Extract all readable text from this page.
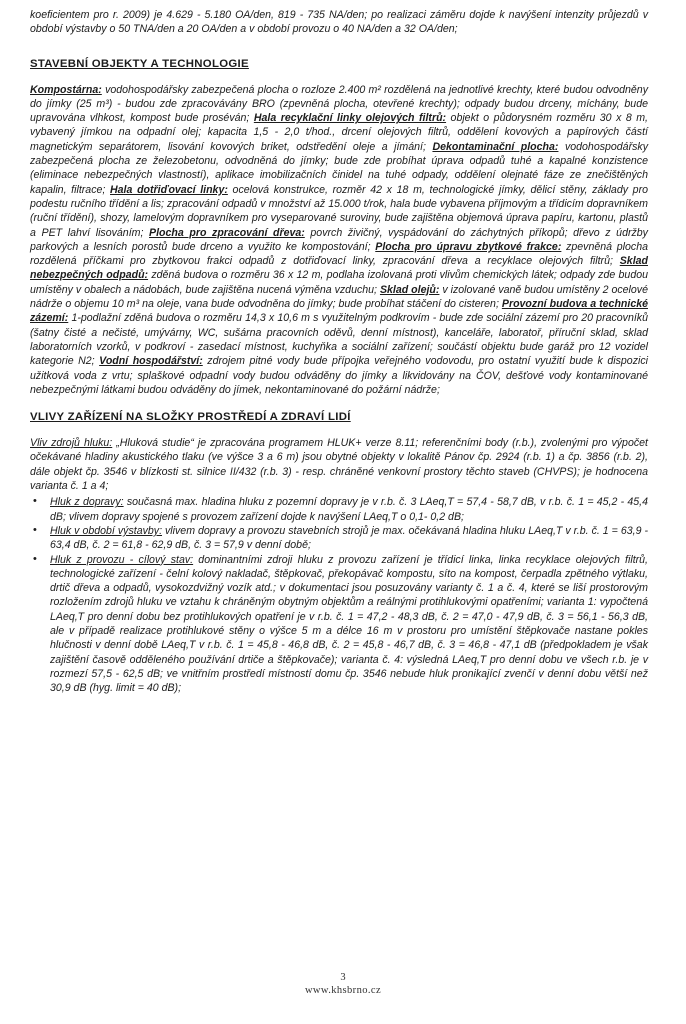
koeficientem pro r. 2009) je 4.629 - 5.180 OA/den, 819 - 735 NA/den; po realizaci záměru dojde k navýšení intenzity průjezdů v období výstavby o 50 TNA/den a 20 OA/den a v období provozu o 40 NA/den a 32 OA/den;

STAVEBNÍ OBJEKTY A TECHNOLOGIE

Kompostárna: vodohospodářsky zabezpečená plocha o rozloze 2.400 m² rozdělená na jednotlivé krechty, které budou odvodněny do jímky (25 m³) - budou zde zpracovávány BRO (zpevněná plocha, otevřené krechty); odpady budou drceny, míchány, bude upravována vlhkost, kompost bude proséván; Hala recyklační linky olejových filtrů: objekt o půdorysném rozměru 30 x 8 m, vybavený jímkou na odpadní olej; kapacita 1,5 - 2,0 t/hod., drcení olejových filtrů, oddělení kovových a papírových částí magnetickým separátorem, lisování kovových briket, odstředění oleje a jímání; Dekontaminační plocha: vodohospodářsky zabezpečená plocha ze železobetonu, odvodněná do jímky; bude zde probíhat úprava odpadů tuhé a kapalné konzistence (eliminace nebezpečných vlastností), aplikace imobilizačních činidel na tuhé odpady, oddělení olejnaté fáze ze znečištěných kapalin, filtrace; Hala dotřiďovací linky: ocelová konstrukce, rozměr 42 x 18 m, technologické jímky, dělicí stěny, základy pro podestu ručního třídění a lis; zpracování odpadů v množství až 15.000 t/rok, hala bude vybavena příjmovým a třídicím dopravníkem (ruční třídění), shozy, lamelovým dopravníkem pro vyseparované suroviny, bude zajištěna objemová úprava papíru, kartonu, plastů a PET lahví lisováním; Plocha pro zpracování dřeva: povrch živičný, vyspádování do záchytných příkopů; dřevo z údržby parkových a lesních porostů bude drceno a využito ke kompostování; Plocha pro úpravu zbytkové frakce: zpevněná plocha rozdělená příčkami pro zbytkovou frakci odpadů z dotřiďovací linky, zpracování dřeva a recyklace olejových filtrů; Sklad nebezpečných odpadů: zděná budova o rozměru 36 x 12 m, podlaha izolovaná proti vlivům chemických látek; odpady zde budou umístěny v obalech a nádobách, bude zajištěna nucená výměna vzduchu; Sklad olejů: v izolované vaně budou umístěny 2 ocelové nádrže o objemu 10 m³ na oleje, vana bude odvodněna do jímky; bude probíhat stáčení do cisteren; Provozní budova a technické zázemí: 1-podlažní zděná budova o rozměru 14,3 x 10,6 m s využitelným podkrovím - bude zde sociální zázemí pro 20 pracovníků (šatny čisté a nečisté, umývárny, WC, sušárna pracovních oděvů, denní místnost), kanceláře, laboratoř, příruční sklad, sklad laboratorních vzorků, v podkroví - zasedací místnost, kuchyňka a sociální zařízení; součástí objektu bude garáž pro 12 vozidel kategorie N2; Vodní hospodářství: zdrojem pitné vody bude přípojka veřejného vodovodu, pro ostatní využití bude k dispozici užitková voda z vrtu; splaškové odpadní vody budou odváděny do jímky a likvidovány na ČOV, dešťové vody kontaminované nebezpečnými látkami budou odváděny do jímek, nekontaminované do požární nádrže;

VLIVY ZAŘÍZENÍ NA SLOŽKY PROSTŘEDÍ A ZDRAVÍ LIDÍ

Vliv zdrojů hluku: „Hluková studie“ je zpracována programem HLUK+ verze 8.11; referenčními body (r.b.), zvolenými pro výpočet očekávané hladiny akustického tlaku (ve výšce 3 a 6 m) jsou obytné objekty v lokalitě Pánov čp. 2924 (r.b. 1) a čp. 3856 (r.b. 2), dále objekt čp. 3546 v blízkosti st. silnice II/432 (r.b. 3) - resp. chráněné venkovní prostory těchto staveb (CHVPS); je hodnocena varianta č. 1 a 4;

• Hluk z dopravy: současná max. hladina hluku z pozemní dopravy je v r.b. č. 3 LAeq,T = 57,4 - 58,7 dB, v r.b. č. 1 = 45,2 - 45,4 dB; vlivem dopravy spojené s provozem zařízení dojde k navýšení LAeq,T o 0,1- 0,2 dB;

• Hluk v období výstavby: vlivem dopravy a provozu stavebních strojů je max. očekávaná hladina hluku LAeq,T v r.b. č. 1 = 63,9 - 63,4 dB, č. 2 = 61,8 - 62,9 dB, č. 3 = 57,9 v denní době;

• Hluk z provozu - cílový stav: dominantními zdroji hluku z provozu zařízení je třídicí linka, linka recyklace olejových filtrů, technologické zařízení - čelní kolový nakladač, štěpkovač, překopávač kompostu, síto na kompost, čerpadla zpětného výtlaku, drtič dřeva a odpadů, vysokozdvižný vozík atd.; v dokumentaci jsou posuzovány varianty č. 1 a č. 4, které se liší prostorovým rozložením zdrojů hluku ve vztahu k chráněným obytným objektům a reálnými protihlukovými opatřeními; varianta 1: vypočtená LAeq,T pro denní dobu bez protihlukových opatření je v r.b. č. 1 = 47,2 - 48,3 dB, č. 2 = 47,0 - 47,9 dB, č. 3 = 56,1 - 56,3 dB, ale v případě realizace protihlukové stěny o výšce 5 m a délce 16 m v prostoru pro umístění štěpkovače nastane pokles hlučnosti v denní době LAeq,T v r.b. č. 1 = 45,8 - 46,8 dB, č. 2 = 45,8 - 46,7 dB, č. 3 = 46,8 - 47,1 dB (předpokladem je však zajištění časově odděleného používání drtiče a štěpkovače); varianta č. 4: výsledná LAeq,T pro denní dobu ve všech r.b. je v rozmezí 57,5 - 62,5 dB; ve vnitřním prostředí místností domu čp. 3546 nebude hluk pronikající zvenčí v denní dobu větší než 30,9 dB (hyg. limit = 40 dB);

3
www.khsbrno.cz
